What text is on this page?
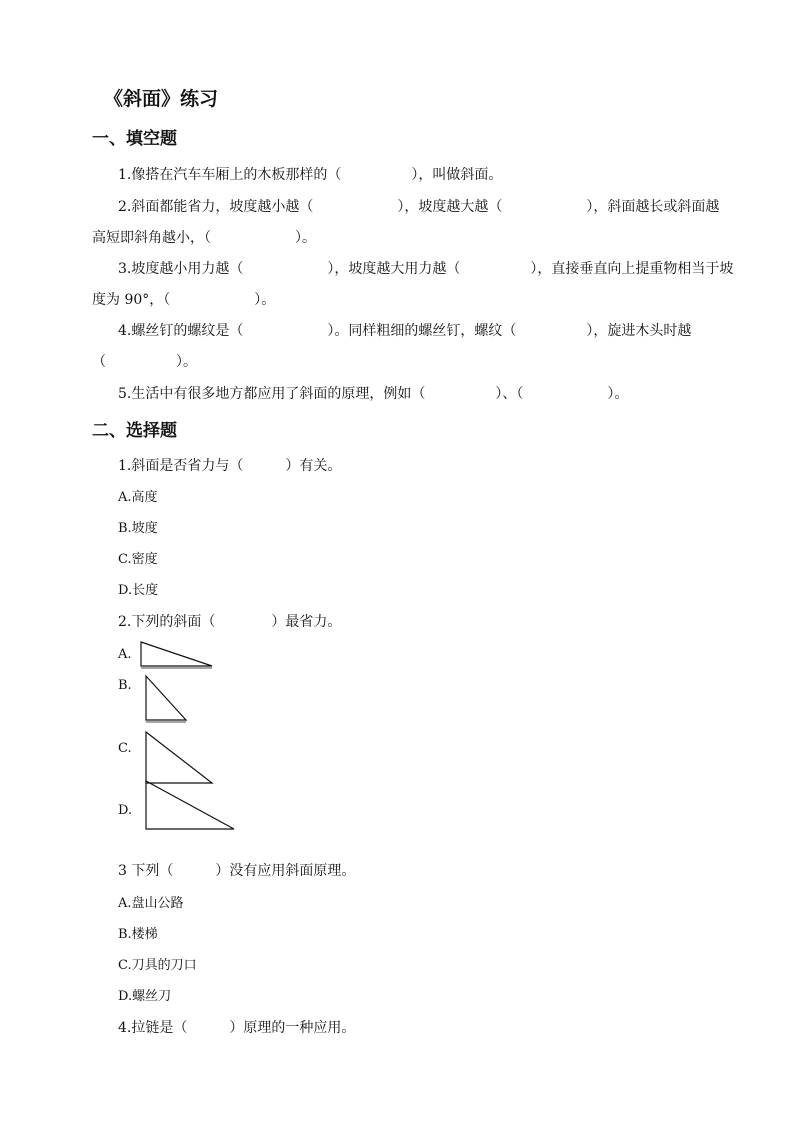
《斜面》练习
一、填空题
1.像搭在汽车车厢上的木板那样的（　　　　　），叫做斜面。
2.斜面都能省力，坡度越小越（　　　　　　），坡度越大越（　　　　　　），斜面越长或斜面越
高短即斜角越小，（　　　　　　）。
3.坡度越小用力越（　　　　　　），坡度越大用力越（　　　　　），直接垂直向上提重物相当于坡
度为 90°，（　　　　　　）。
4.螺丝钉的螺纹是（　　　　　　）。同样粗细的螺丝钉，螺纹（　　　　　），旋进木头时越
（　　　　　）。
5.生活中有很多地方都应用了斜面的原理，例如（　　　　　）、（　　　　　　）。
二、选择题
1.斜面是否省力与（　　　）有关。
A.高度
B.坡度
C.密度
D.长度
2.下列的斜面（　　　　）最省力。
A.
B.
C.
D.
3 下列（　　　）没有应用斜面原理。
A.盘山公路
B.楼梯
C.刀具的刀口
D.螺丝刀
4.拉链是（　　　）原理的一种应用。
